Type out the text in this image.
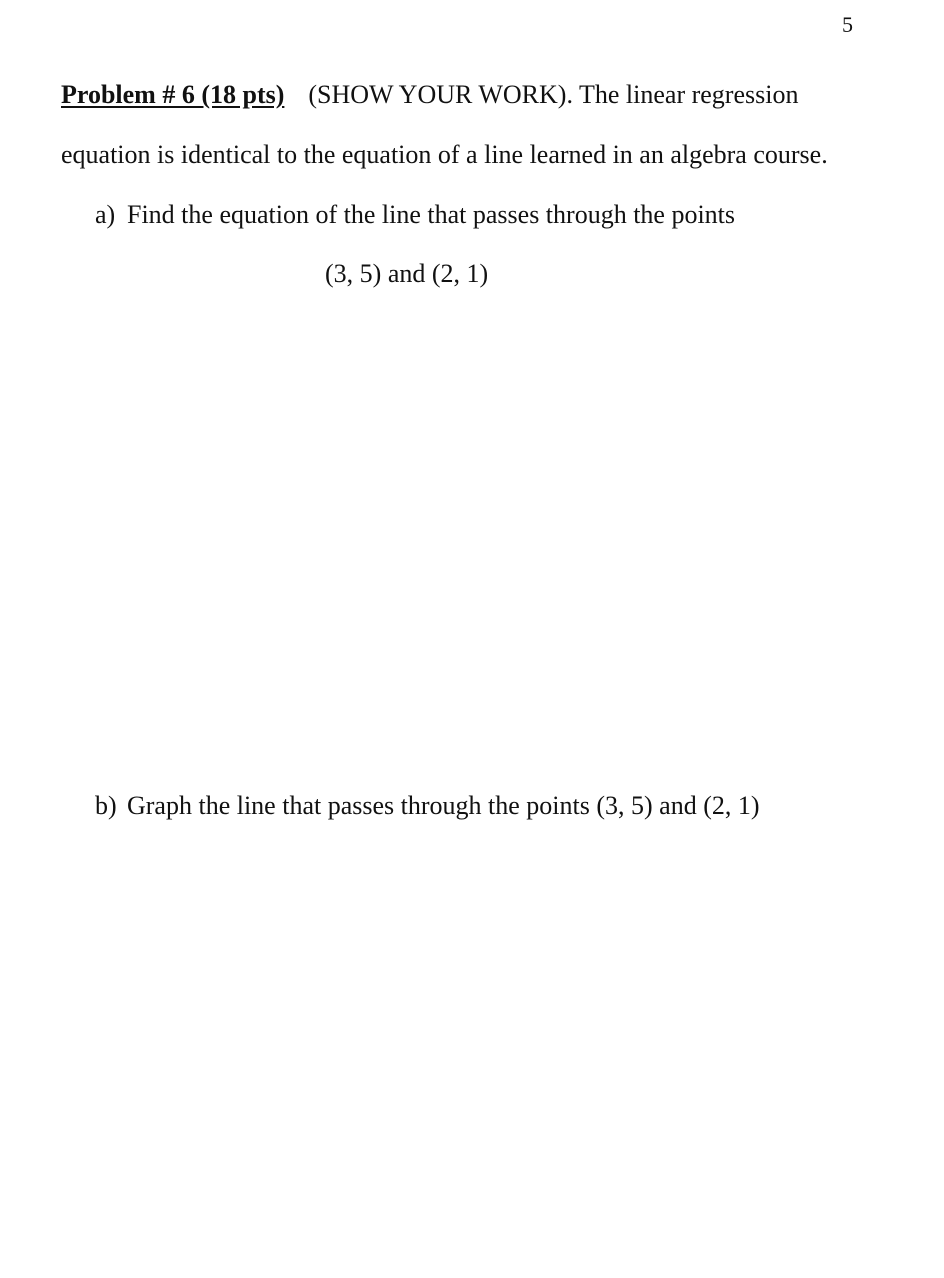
5
Problem # 6 (18 pts) (SHOW YOUR WORK). The linear regression
equation is identical to the equation of a line learned in an algebra course.
a) Find the equation of the line that passes through the points
(3, 5) and (2, 1)
b) Graph the line that passes through the points (3, 5) and (2, 1)
